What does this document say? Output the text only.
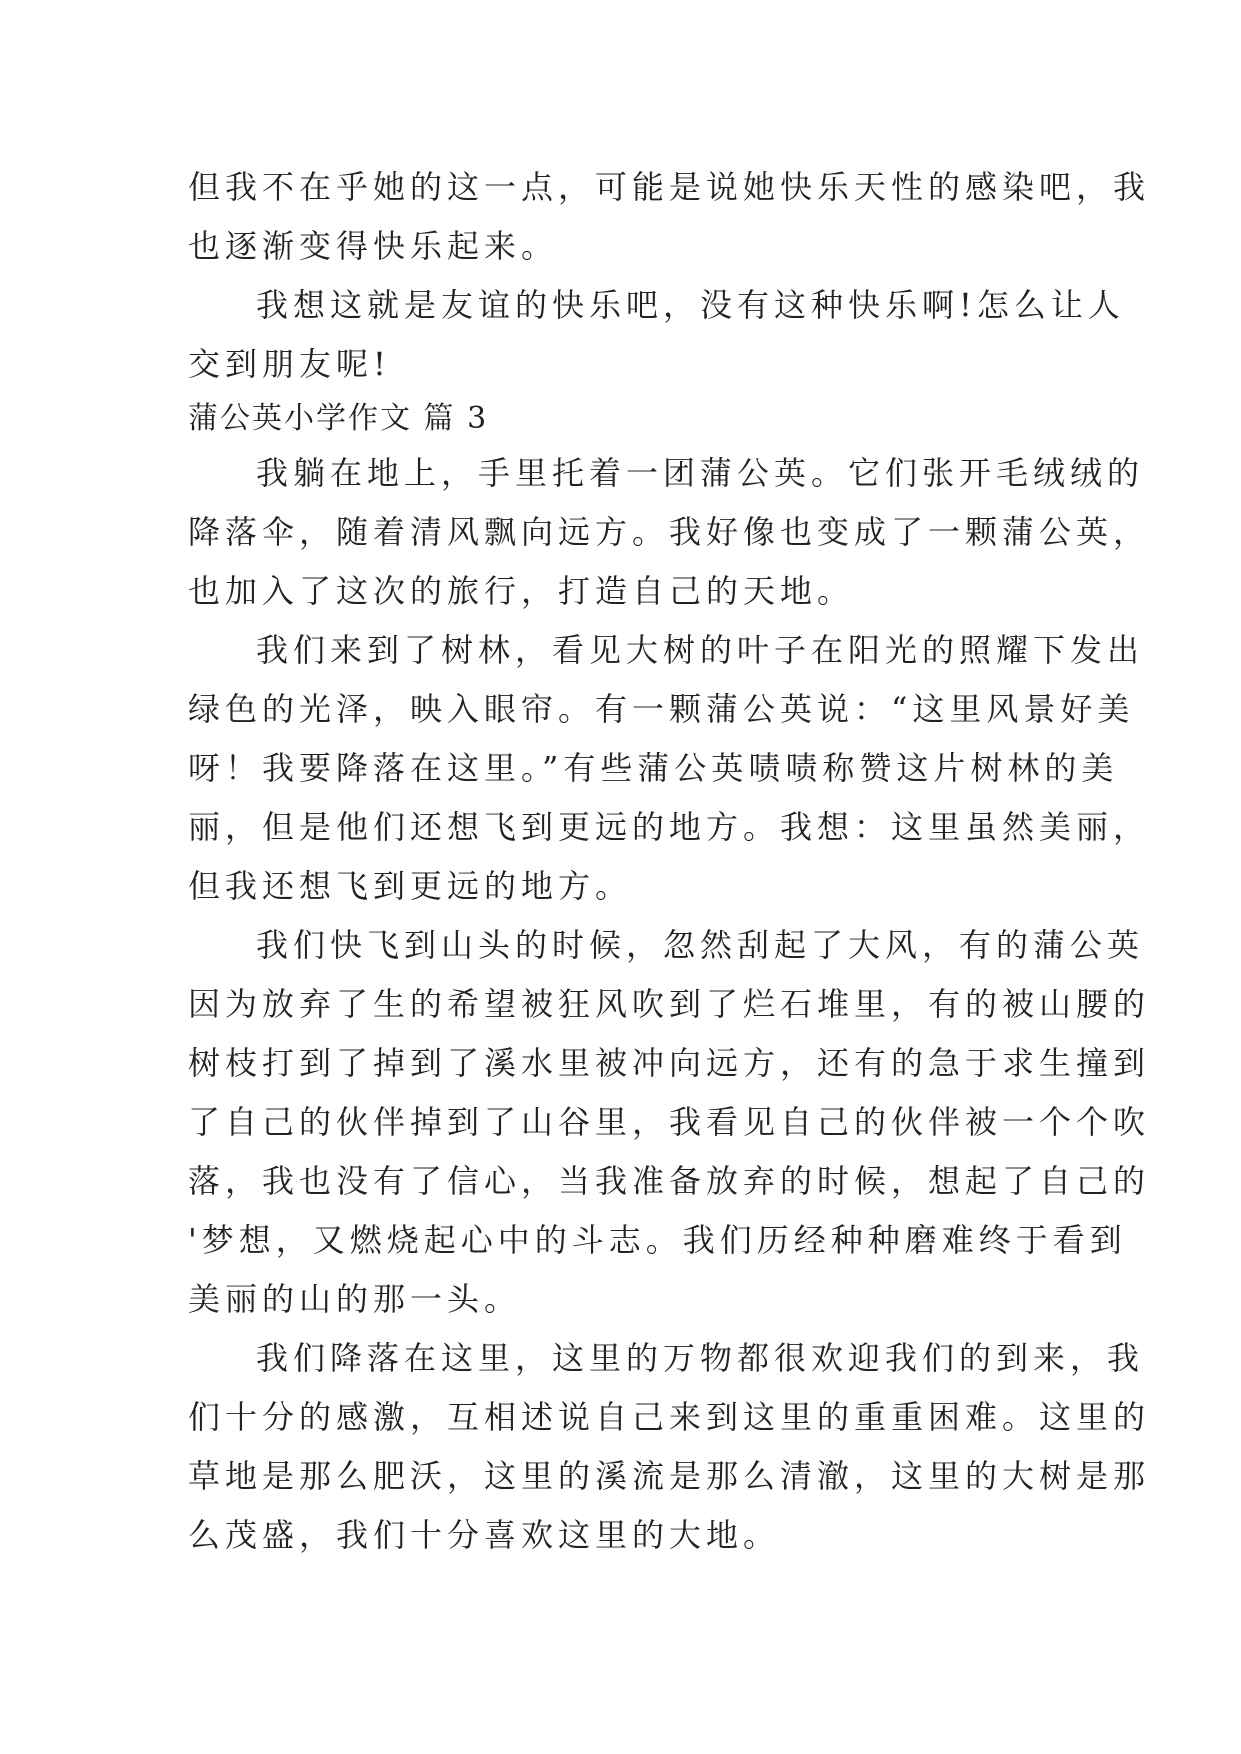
但我不在乎她的这一点，可能是说她快乐天性的感染吧，我
也逐渐变得快乐起来。
我想这就是友谊的快乐吧，没有这种快乐啊!怎么让人
交到朋友呢!
蒲公英小学作文 篇 3
我躺在地上，手里托着一团蒲公英。它们张开毛绒绒的
降落伞，随着清风飘向远方。我好像也变成了一颗蒲公英，
也加入了这次的旅行，打造自己的天地。
我们来到了树林，看见大树的叶子在阳光的照耀下发出
绿色的光泽，映入眼帘。有一颗蒲公英说：“这里风景好美
呀！我要降落在这里。”有些蒲公英啧啧称赞这片树林的美
丽，但是他们还想飞到更远的地方。我想：这里虽然美丽，
但我还想飞到更远的地方。
我们快飞到山头的时候，忽然刮起了大风，有的蒲公英
因为放弃了生的希望被狂风吹到了烂石堆里，有的被山腰的
树枝打到了掉到了溪水里被冲向远方，还有的急于求生撞到
了自己的伙伴掉到了山谷里，我看见自己的伙伴被一个个吹
落，我也没有了信心，当我准备放弃的时候，想起了自己的
'梦想，又燃烧起心中的斗志。我们历经种种磨难终于看到
美丽的山的那一头。
我们降落在这里，这里的万物都很欢迎我们的到来，我
们十分的感激，互相述说自己来到这里的重重困难。这里的
草地是那么肥沃，这里的溪流是那么清澈，这里的大树是那
么茂盛，我们十分喜欢这里的大地。
